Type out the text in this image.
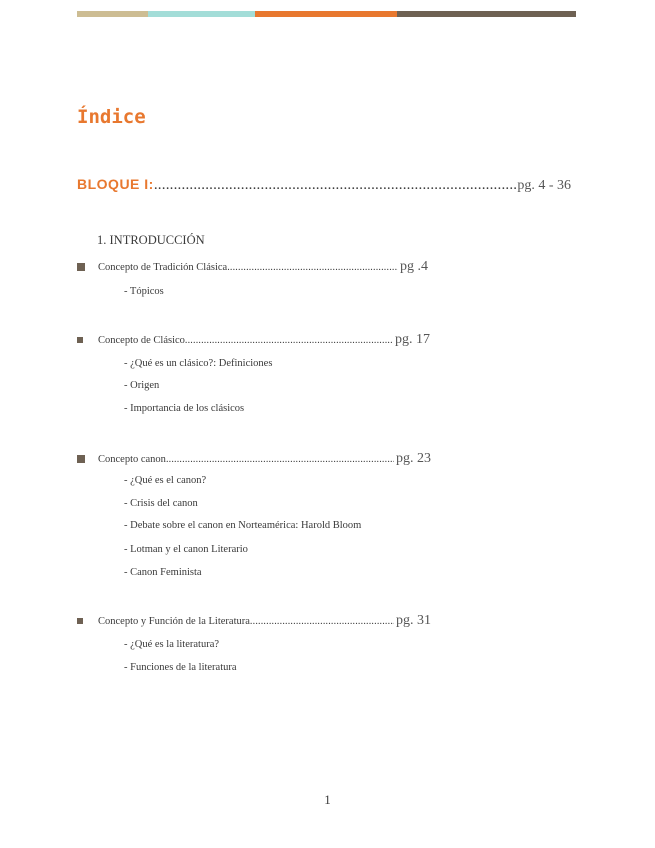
Índice
BLOQUE I: .....	pg. 4 - 36
1. INTRODUCCIÓN
Concepto de Tradición Clásica .....	pg .4
- Tópicos
Concepto de Clásico .....	pg. 17
- ¿Qué es un clásico?: Definiciones
- Origen
- Importancia de los clásicos
Concepto canon .....	pg. 23
- ¿Qué es el canon?
- Crisis del canon
- Debate sobre el canon en Norteamérica: Harold Bloom
- Lotman y el canon Literario
- Canon Feminista
Concepto y Función de la Literatura .....	pg. 31
- ¿Qué es la literatura?
- Funciones de la literatura
1
